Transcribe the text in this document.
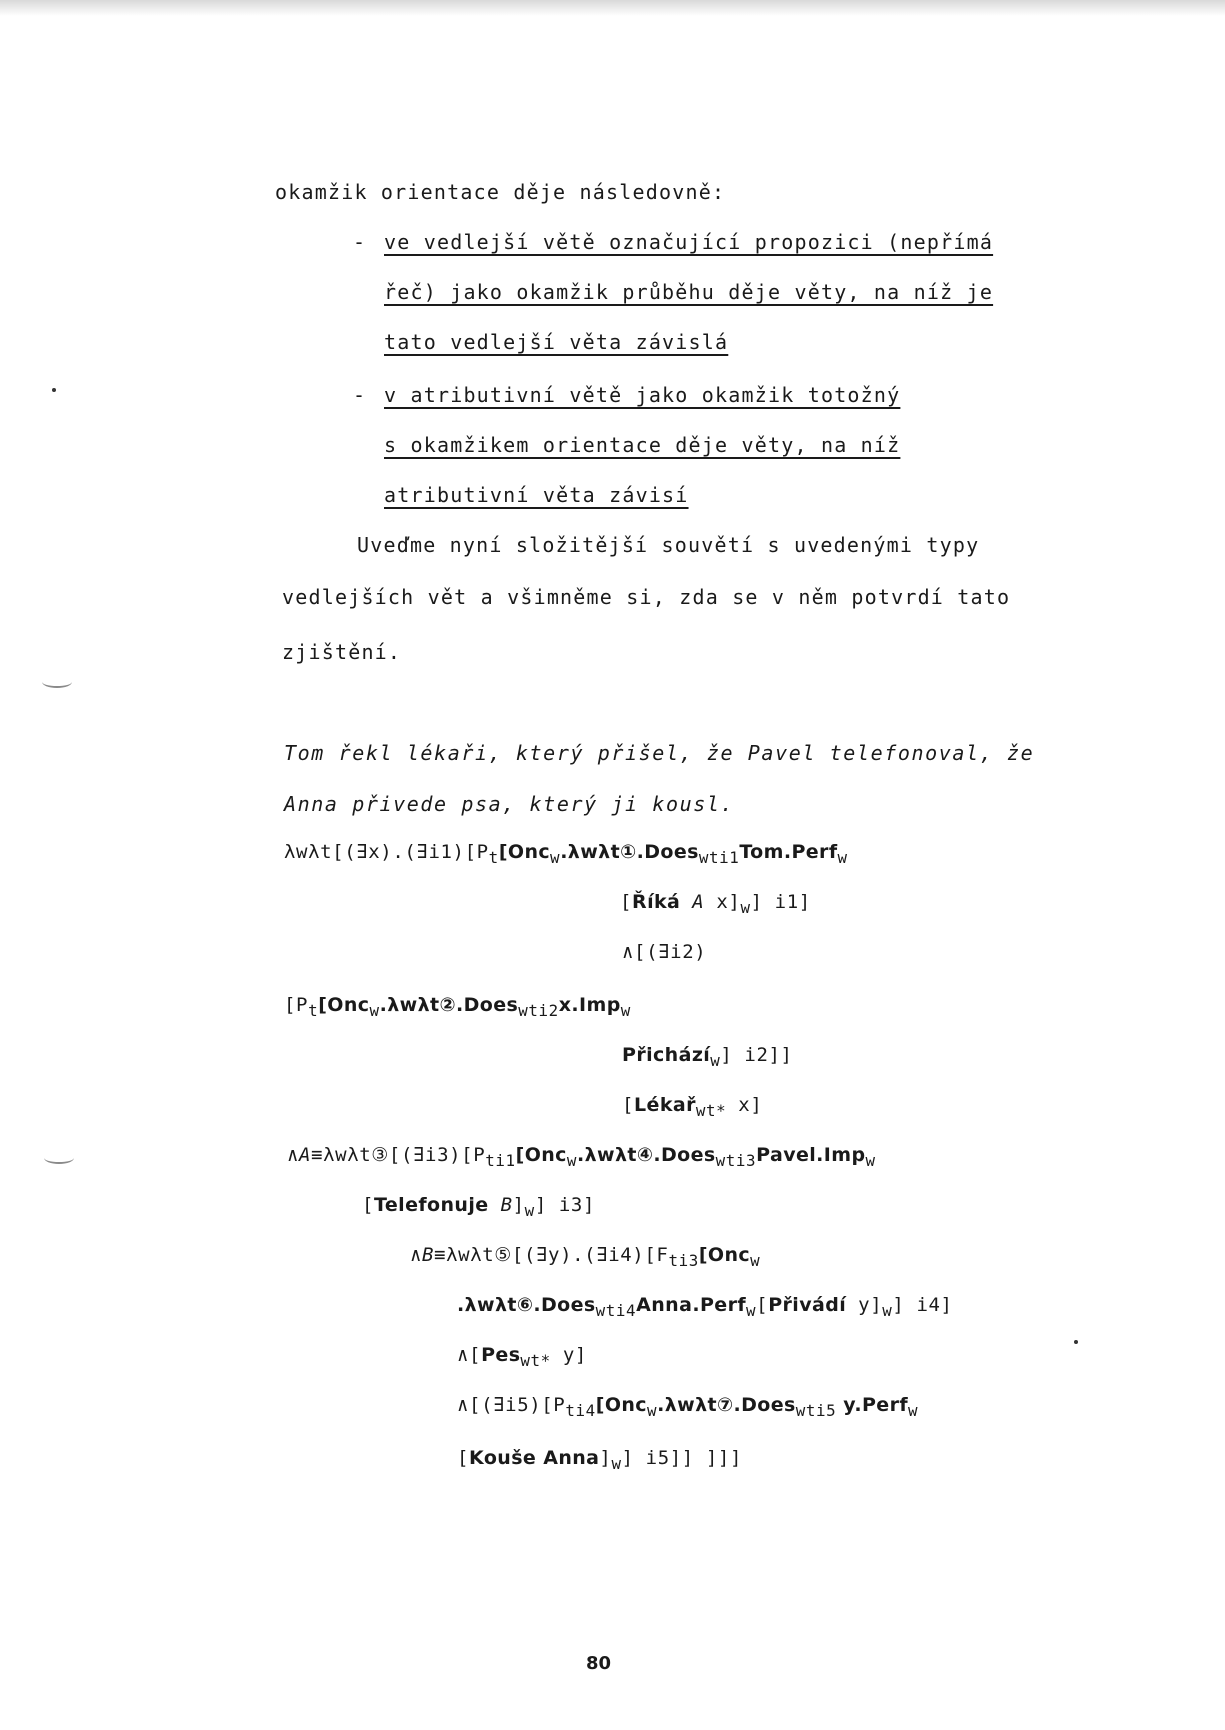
okamžik orientace děje následovně:
- ve vedlejší větě označující propozici (nepřímá
řeč) jako okamžik průběhu děje věty, na níž je
tato vedlejší věta závislá
- v atributivní větě jako okamžik totožný
s okamžikem orientace děje věty, na níž
atributivní věta závisí
Uveďme nyní složitější souvětí s uvedenými typy
vedlejších vět a všimněme si, zda se v něm potvrdí tato
zjištění.
Tom řekl lékaři, který přišel, že Pavel telefonoval, že
Anna přivede psa, který ji kousl.
$\lambda w\lambda t[(\exists x).(\exists i1)[P_t[Onc_w.\lambda w\lambda t①.Does_{wti1}Tom.Perf_w$
[Říká A $x]_w$] i1]
∧[(∃i2)
[$P_t[Onc_w.\lambda w\lambda t②.Does_{wti2}x.Imp_w$
Přichází$_w$] i2]]
[Lékař$_{wt*}$ x]
$\wedge A\equiv\lambda w\lambda t③[(\exists i3)[P_{ti1}[Onc_w.\lambda w\lambda t④.Does_{wti3}Pavel.Imp_w$
[Telefonuje $B]_w$] i3]
$\wedge B\equiv\lambda w\lambda t⑤[(\exists y).(\exists i4)[F_{ti3}[Onc_w$
.λwλt⑥.Does$_{wti4}$Anna.Perf$_w$[Přivádí $y]_w$] i4]
∧[Pes$_{wt*}$ y]
$\wedge[(\exists i5)[P_{ti4}[Onc_w.\lambda w\lambda t⑦.Does_{wti5}$ y.Perf$_w$
[Kouše $Anna]_w$] i5]] ]]]
80
